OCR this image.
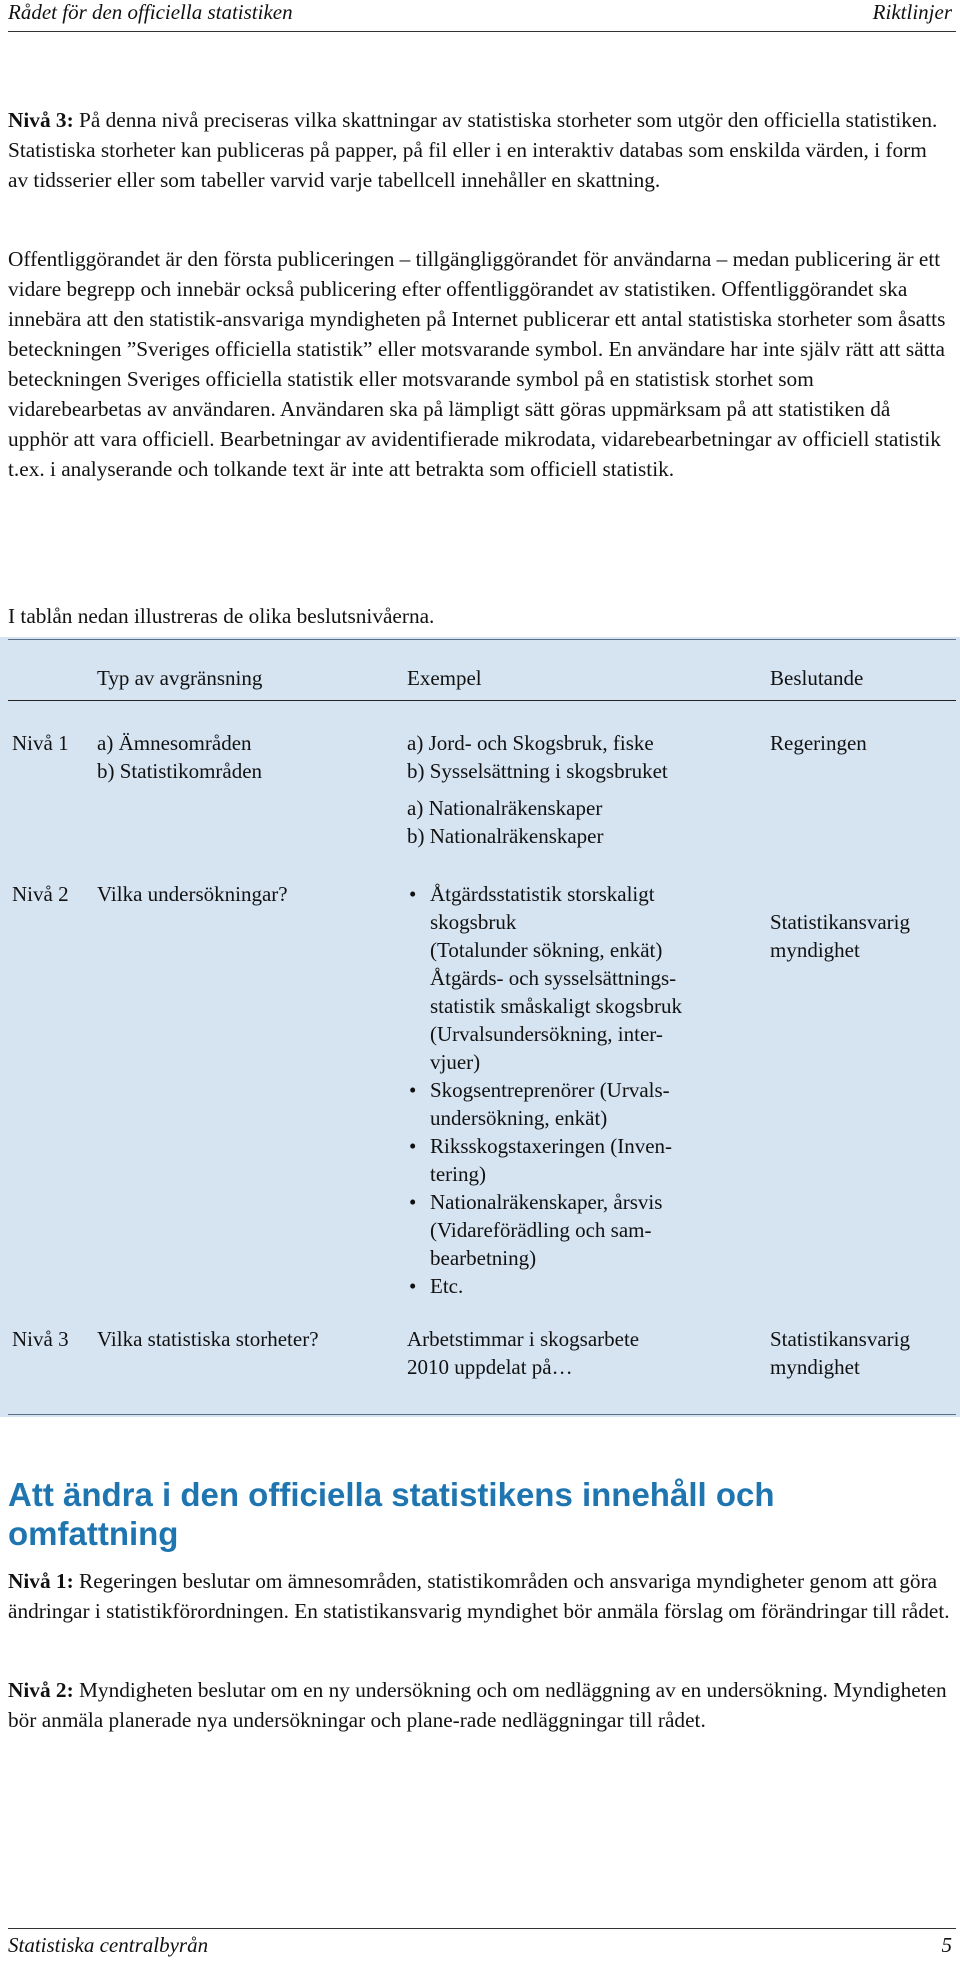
Rådet för den officiella statistiken	Riktlinjer

Nivå 3: På denna nivå preciseras vilka skattningar av statistiska storheter som utgör den officiella statistiken. Statistiska storheter kan publiceras på papper, på fil eller i en interaktiv databas som enskilda värden, i form av tidsserier eller som tabeller varvid varje tabellcell innehåller en skattning.

Offentliggörandet är den första publiceringen – tillgängliggörandet för användarna – medan publicering är ett vidare begrepp och innebär också publicering efter offentliggörandet av statistiken. Offentliggörandet ska innebära att den statistik-ansvariga myndigheten på Internet publicerar ett antal statistiska storheter som åsatts beteckningen ”Sveriges officiella statistik” eller motsvarande symbol. En användare har inte själv rätt att sätta beteckningen Sveriges officiella statistik eller motsvarande symbol på en statistisk storhet som vidarebearbetas av användaren. Användaren ska på lämpligt sätt göras uppmärksam på att statistiken då upphör att vara officiell. Bearbetningar av avidentifierade mikrodata, vidarebearbetningar av officiell statistik t.ex. i analyserande och tolkande text är inte att betrakta som officiell statistik.

I tablån nedan illustreras de olika beslutsnivåerna.

Typ av avgränsning	Exempel	Beslutande
Nivå 1 a) Ämnesområden
b) Statistikområden
a) Jord- och Skogsbruk, fiske
b) Sysselsättning i skogsbruket
a) Nationalräkenskaper
b) Nationalräkenskaper
Regeringen
Nivå 2 Vilka undersökningar?
•	Åtgärdsstatistik storskaligt
skogsbruk
(Totalunder sökning, enkät)
Åtgärds- och sysselsättnings-
statistik småskaligt skogsbruk
(Urvalsundersökning, inter-
vjuer)
• Skogsentreprenörer (Urvals-
undersökning, enkät)
• Riksskogstaxeringen (Inven-
tering)
• Nationalräkenskaper, årsvis
(Vidareförädling och sam-
bearbetning)
• Etc.
Statistikansvarig
myndighet
Nivå 3 Vilka statistiska storheter?	Arbetstimmar i skogsarbete
2010 uppdelat på…
Statistikansvarig
myndighet
Att ändra i den officiella statistikens innehåll och
omfattning

Nivå 1: Regeringen beslutar om ämnesområden, statistikområden och ansvariga myndigheter genom att göra ändringar i statistikförordningen. En statistikansvarig myndighet bör anmäla förslag om förändringar till rådet.

Nivå 2: Myndigheten beslutar om en ny undersökning och om nedläggning av en undersökning. Myndigheten bör anmäla planerade nya undersökningar och plane-rade nedläggningar till rådet.

Statistiska centralbyrån	5
